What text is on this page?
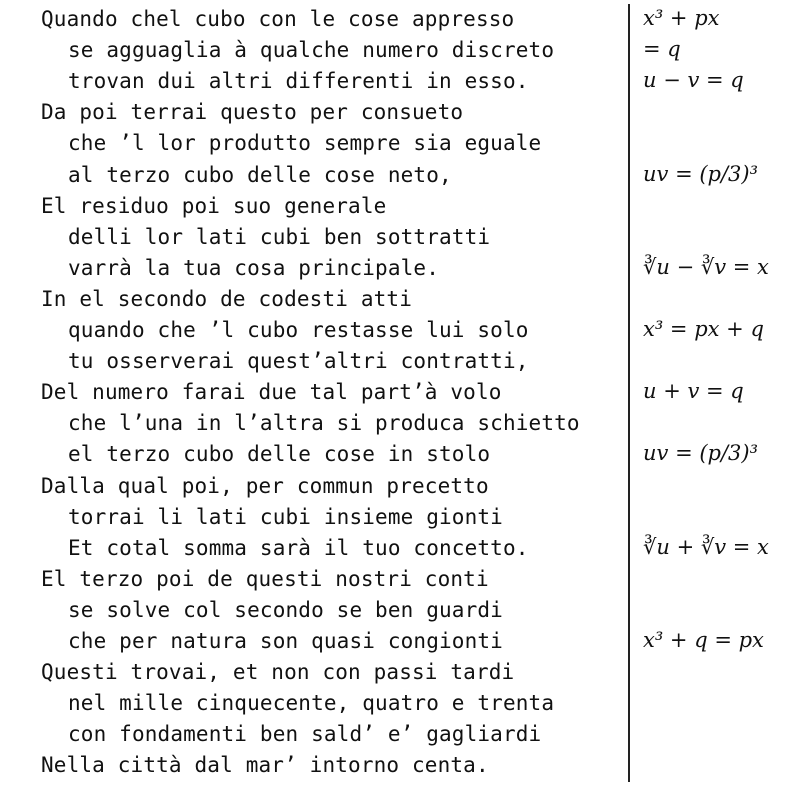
Quando chel cubo con le cose appresso	x³ + px
se agguaglia à qualche numero discreto	= q
trovan dui altri differenti in esso.	u − v = q
Da poi terrai questo per consueto
che ’l lor produtto sempre sia eguale
al terzo cubo delle cose neto,	uv = (p/3)³
El residuo poi suo generale
delli lor lati cubi ben sottratti
varrà la tua cosa principale.	∛u − ∛v = x
In el secondo de codesti atti
quando che ’l cubo restasse lui solo	x³ = px + q
tu osserverai quest’altri contratti,
Del numero farai due tal part’à volo	u + v = q
che l’una in l’altra si produca schietto
el terzo cubo delle cose in stolo	uv = (p/3)³
Dalla qual poi, per commun precetto
torrai li lati cubi insieme gionti
Et cotal somma sarà il tuo concetto.	∛u + ∛v = x
El terzo poi de questi nostri conti
se solve col secondo se ben guardi
che per natura son quasi congionti	x³ + q = px
Questi trovai, et non con passi tardi
nel mille cinquecente, quatro e trenta
con fondamenti ben sald’ e’ gagliardi
Nella città dal mar’ intorno centa.
